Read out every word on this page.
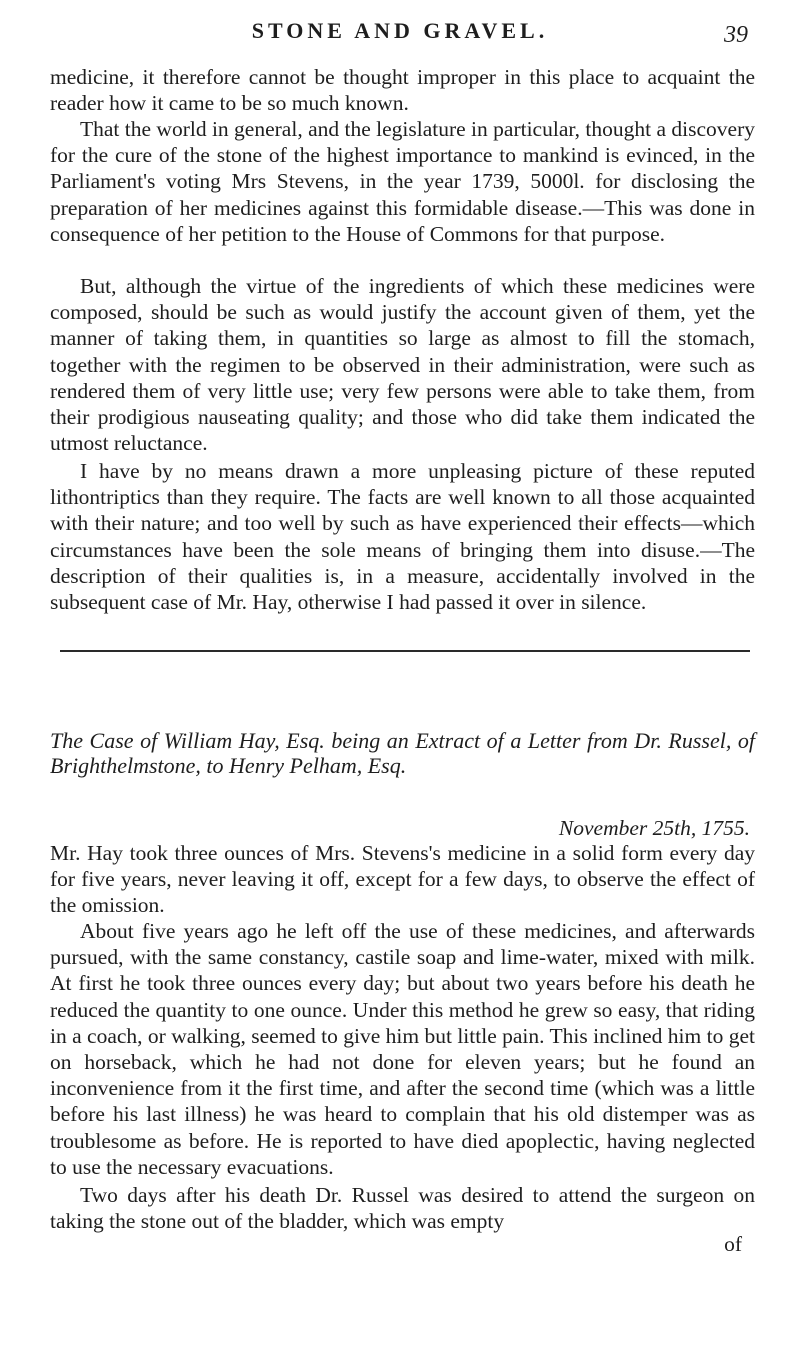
STONE AND GRAVEL.	39

medicine, it therefore cannot be thought improper in this place to acquaint the reader how it came to be so much known.

That the world in general, and the legislature in particular, thought a discovery for the cure of the stone of the highest importance to mankind is evinced, in the Parliament's voting Mrs Stevens, in the year 1739, 5000l. for disclosing the preparation of her medicines against this formidable disease.—This was done in consequence of her petition to the House of Commons for that purpose.

But, although the virtue of the ingredients of which these medicines were composed, should be such as would justify the account given of them, yet the manner of taking them, in quantities so large as almost to fill the stomach, together with the regimen to be observed in their administration, were such as rendered them of very little use; very few persons were able to take them, from their prodigious nauseating quality; and those who did take them indicated the utmost reluctance.

I have by no means drawn a more unpleasing picture of these reputed lithontriptics than they require. The facts are well known to all those acquainted with their nature; and too well by such as have experienced their effects—which circumstances have been the sole means of bringing them into disuse.—The description of their qualities is, in a measure, accidentally involved in the subsequent case of Mr. Hay, otherwise I had passed it over in silence.

The Case of William Hay, Esq. being an Extract of a Letter from Dr. Russel, of Brighthelmstone, to Henry Pelham, Esq.

November 25th, 1755.

Mr. Hay took three ounces of Mrs. Stevens's medicine in a solid form every day for five years, never leaving it off, except for a few days, to observe the effect of the omission.

About five years ago he left off the use of these medicines, and afterwards pursued, with the same constancy, castile soap and lime-water, mixed with milk. At first he took three ounces every day; but about two years before his death he reduced the quantity to one ounce. Under this method he grew so easy, that riding in a coach, or walking, seemed to give him but little pain. This inclined him to get on horseback, which he had not done for eleven years; but he found an inconvenience from it the first time, and after the second time (which was a little before his last illness) he was heard to complain that his old distemper was as troublesome as before. He is reported to have died apoplectic, having neglected to use the necessary evacuations.

Two days after his death Dr. Russel was desired to attend the surgeon on taking the stone out of the bladder, which was empty

of
